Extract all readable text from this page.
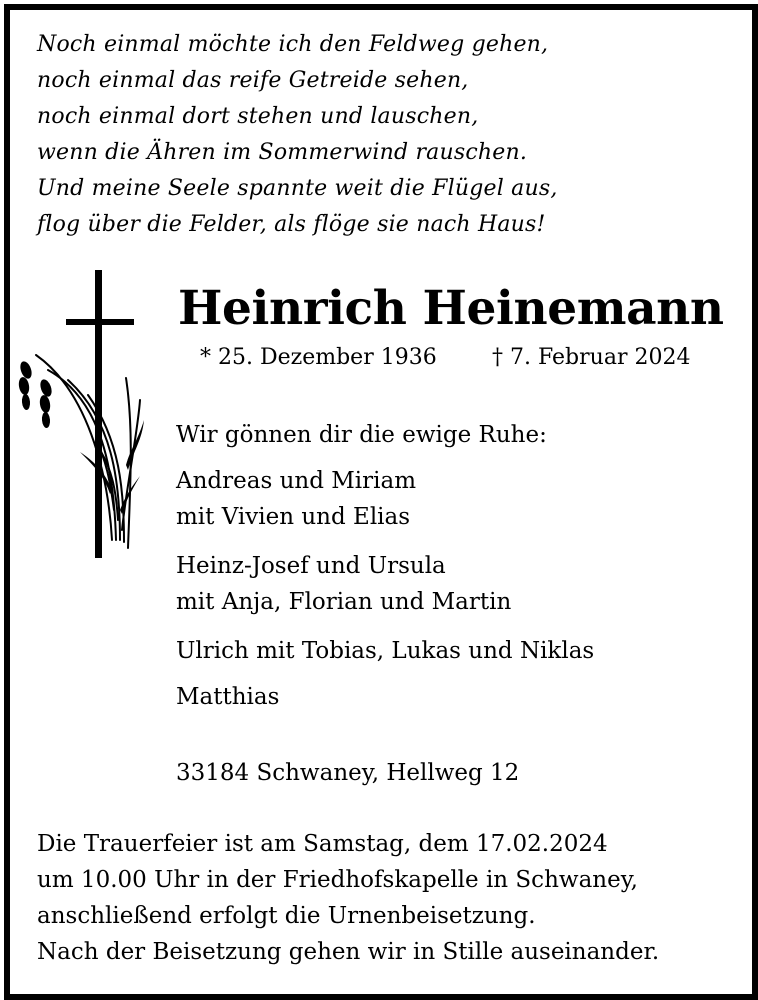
Noch einmal möchte ich den Feldweg gehen,
noch einmal das reife Getreide sehen,
noch einmal dort stehen und lauschen,
wenn die Ähren im Sommerwind rauschen.
Und meine Seele spannte weit die Flügel aus,
flog über die Felder, als flöge sie nach Haus!
Heinrich Heinemann
* 25. Dezember 1936	† 7. Februar 2024
Wir gönnen dir die ewige Ruhe:
Andreas und Miriam
mit Vivien und Elias
Heinz-Josef und Ursula
mit Anja, Florian und Martin
Ulrich mit Tobias, Lukas und Niklas
Matthias
33184 Schwaney, Hellweg 12
Die Trauerfeier ist am Samstag, dem 17.02.2024
um 10.00 Uhr in der Friedhofskapelle in Schwaney,
anschließend erfolgt die Urnenbeisetzung.
Nach der Beisetzung gehen wir in Stille auseinander.
